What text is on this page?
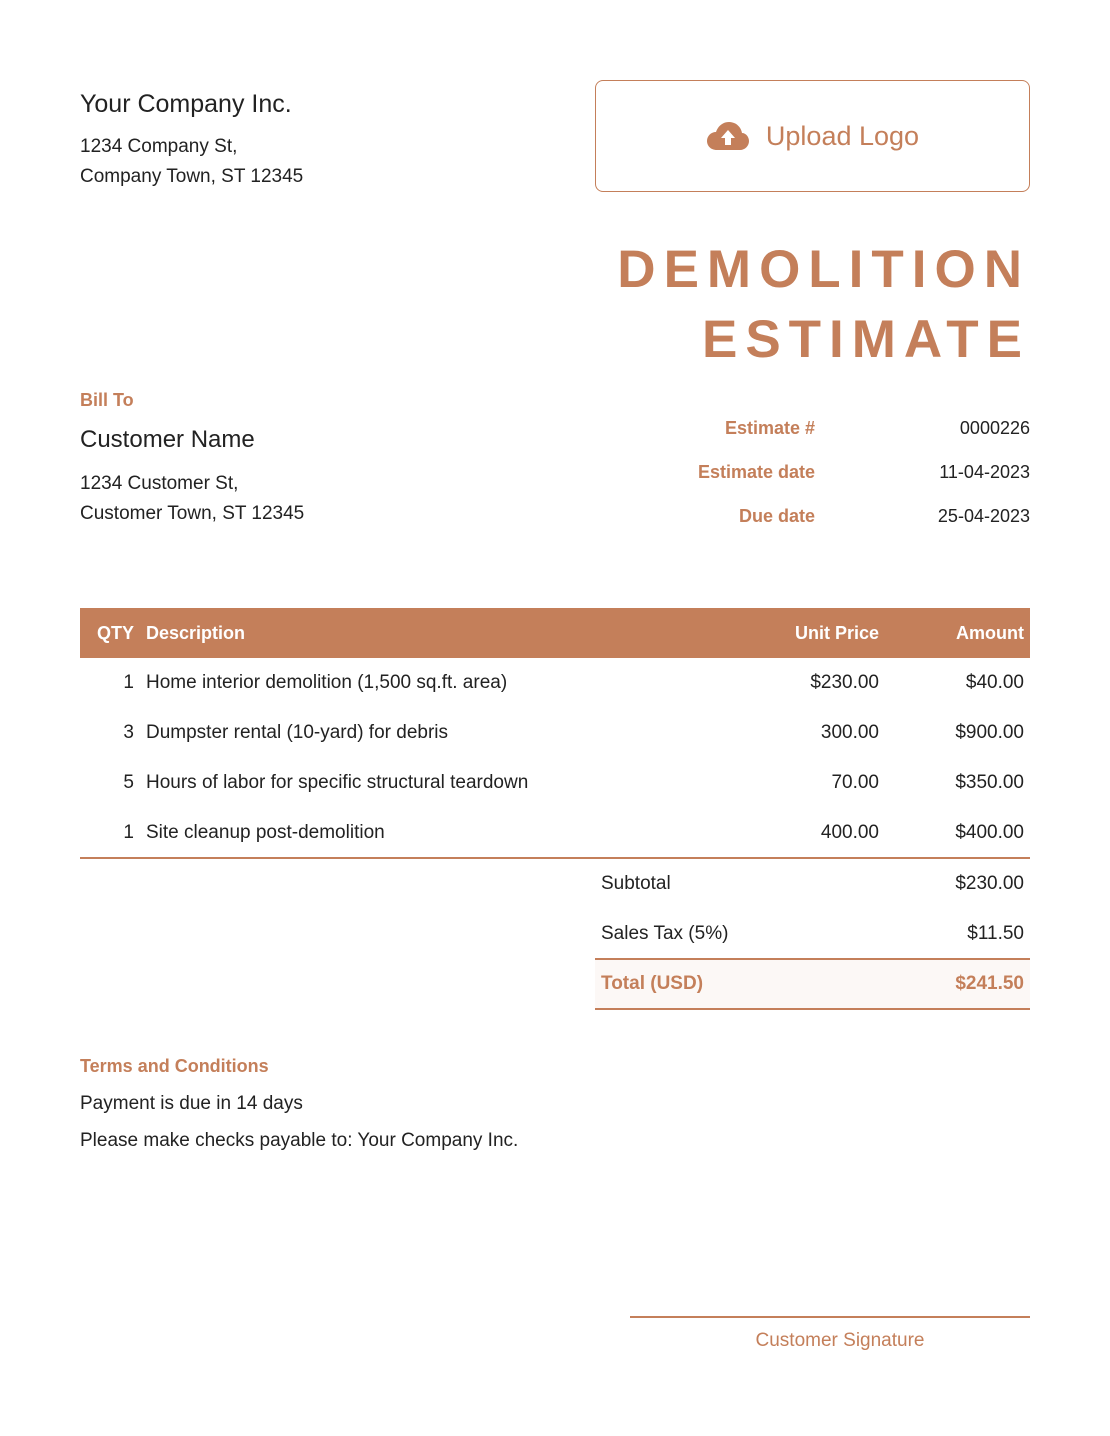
Your Company Inc.
1234 Company St,
Company Town, ST 12345
Upload Logo
DEMOLITION
ESTIMATE
Bill To
Customer Name
1234 Customer St,
Customer Town, ST 12345
Estimate #	0000226
Estimate date	11-04-2023
Due date	25-04-2023
QTY	Description	Unit Price	Amount
1	Home interior demolition (1,500 sq.ft. area)	$230.00	$40.00
3	Dumpster rental (10-yard) for debris	300.00	$900.00
5	Hours of labor for specific structural teardown	70.00	$350.00
1	Site cleanup post-demolition	400.00	$400.00
Subtotal	$230.00
Sales Tax (5%)	$11.50
Total (USD)	$241.50
Terms and Conditions
Payment is due in 14 days
Please make checks payable to: Your Company Inc.
Customer Signature
